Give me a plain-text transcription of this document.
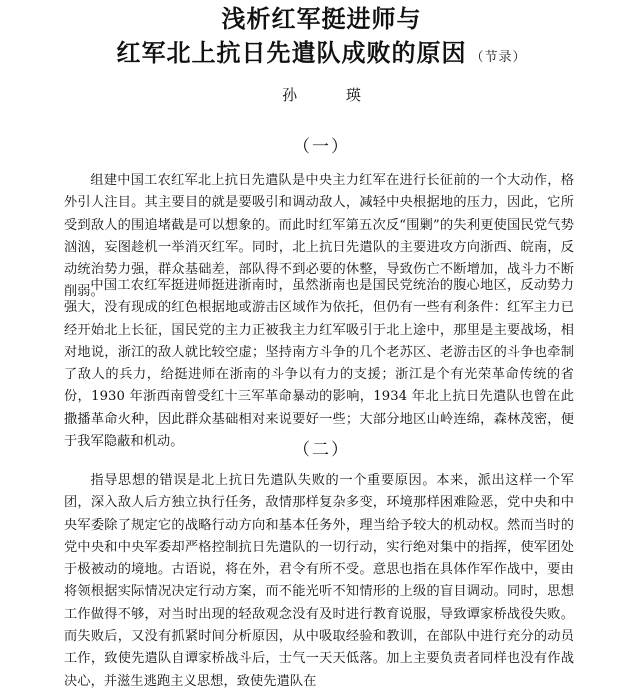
浅析红军挺进师与
红军北上抗日先遣队成败的原因 （节录）
孙 瑛
（一）

组建中国工农红军北上抗日先遣队是中央主力红军在进行长征前的一个大动作，格外引人注目。其主要目的就是要吸引和调动敌人，减轻中央根据地的压力，因此，它所受到敌人的围追堵截是可以想象的。而此时红军第五次反“围剿”的失利更使国民党气势汹汹，妄图趁机一举消灭红军。同时，北上抗日先遣队的主要进攻方向浙西、皖南，反动统治势力强，群众基础差，部队得不到必要的休整，导致伤亡不断增加，战斗力不断削弱。

中国工农红军挺进师挺进浙南时，虽然浙南也是国民党统治的腹心地区，反动势力强大，没有现成的红色根据地或游击区域作为依托，但仍有一些有利条件：红军主力已经开始北上长征，国民党的主力正被我主力红军吸引于北上途中，那里是主要战场，相对地说，浙江的敌人就比较空虚；坚持南方斗争的几个老苏区、老游击区的斗争也牵制了敌人的兵力，给挺进师在浙南的斗争以有力的支援；浙江是个有光荣革命传统的省份，1930 年浙西南曾受红十三军革命暴动的影响，1934 年北上抗日先遣队也曾在此撒播革命火种，因此群众基础相对来说要好一些；大部分地区山岭连绵，森林茂密，便于我军隐蔽和机动。	（二）

指导思想的错误是北上抗日先遣队失败的一个重要原因。本来，派出这样一个军团，深入敌人后方独立执行任务，敌情那样复杂多变，环境那样困难险恶，党中央和中央军委除了规定它的战略行动方向和基本任务外，理当给予较大的机动权。然而当时的党中央和中央军委却严格控制抗日先遣队的一切行动，实行绝对集中的指挥，使军团处于极被动的境地。古语说，将在外，君令有所不受。意思也指在具体作军作战中，要由将领根据实际情况决定行动方案，而不能光听不知情形的上级的盲目调动。同时，思想工作做得不够，对当时出现的轻敌观念没有及时进行教育说服，导致谭家桥战役失败。而失败后，又没有抓紧时间分析原因，从中吸取经验和教训，在部队中进行充分的动员工作，致使先遣队自谭家桥战斗后，士气一天天低落。加上主要负责者同样也没有作战决心，并滋生逃跑主义思想，致使先遣队在
